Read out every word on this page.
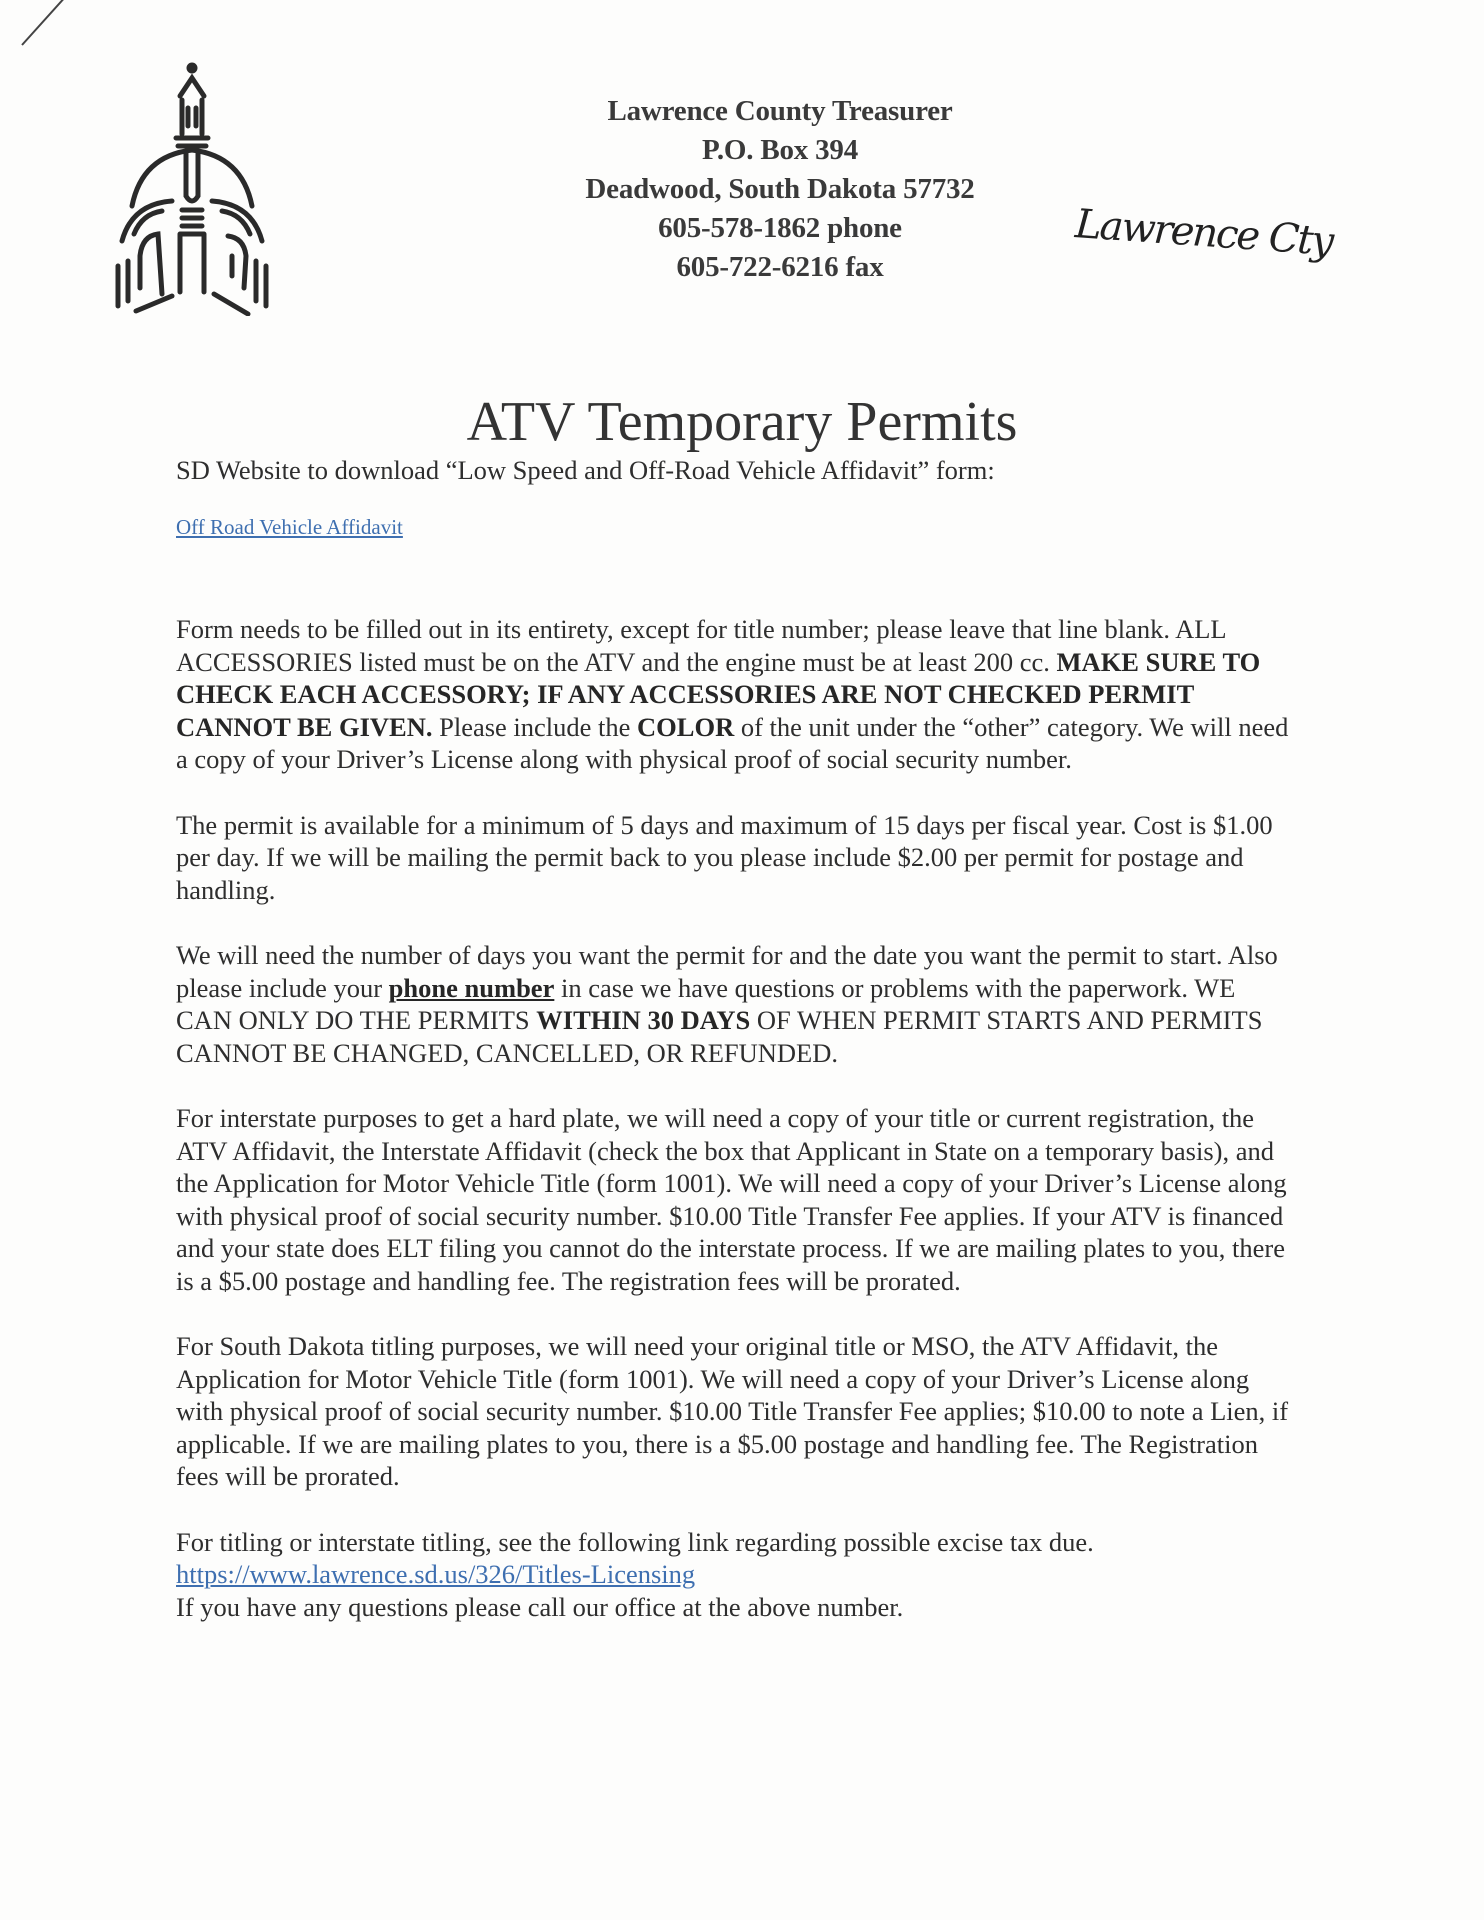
Lawrence County Treasurer
P.O. Box 394
Deadwood, South Dakota 57732
605-578-1862 phone
605-722-6216 fax
Lawrence Cty
ATV Temporary Permits

SD Website to download “Low Speed and Off-Road Vehicle Affidavit” form:

Off Road Vehicle Affidavit

Form needs to be filled out in its entirety, except for title number; please leave that line blank. ALL ACCESSORIES listed must be on the ATV and the engine must be at least 200 cc. MAKE SURE TO CHECK EACH ACCESSORY; IF ANY ACCESSORIES ARE NOT CHECKED PERMIT CANNOT BE GIVEN. Please include the COLOR of the unit under the “other” category. We will need a copy of your Driver’s License along with physical proof of social security number.

The permit is available for a minimum of 5 days and maximum of 15 days per fiscal year. Cost is $1.00 per day. If we will be mailing the permit back to you please include $2.00 per permit for postage and handling.

We will need the number of days you want the permit for and the date you want the permit to start. Also please include your phone number in case we have questions or problems with the paperwork. WE CAN ONLY DO THE PERMITS WITHIN 30 DAYS OF WHEN PERMIT STARTS AND PERMITS CANNOT BE CHANGED, CANCELLED, OR REFUNDED.

For interstate purposes to get a hard plate, we will need a copy of your title or current registration, the ATV Affidavit, the Interstate Affidavit (check the box that Applicant in State on a temporary basis), and the Application for Motor Vehicle Title (form 1001). We will need a copy of your Driver’s License along with physical proof of social security number. $10.00 Title Transfer Fee applies. If your ATV is financed and your state does ELT filing you cannot do the interstate process. If we are mailing plates to you, there is a $5.00 postage and handling fee. The registration fees will be prorated.

For South Dakota titling purposes, we will need your original title or MSO, the ATV Affidavit, the Application for Motor Vehicle Title (form 1001). We will need a copy of your Driver’s License along with physical proof of social security number. $10.00 Title Transfer Fee applies; $10.00 to note a Lien, if applicable. If we are mailing plates to you, there is a $5.00 postage and handling fee. The Registration fees will be prorated.

For titling or interstate titling, see the following link regarding possible excise tax due.
https://www.lawrence.sd.us/326/Titles-Licensing
If you have any questions please call our office at the above number.
